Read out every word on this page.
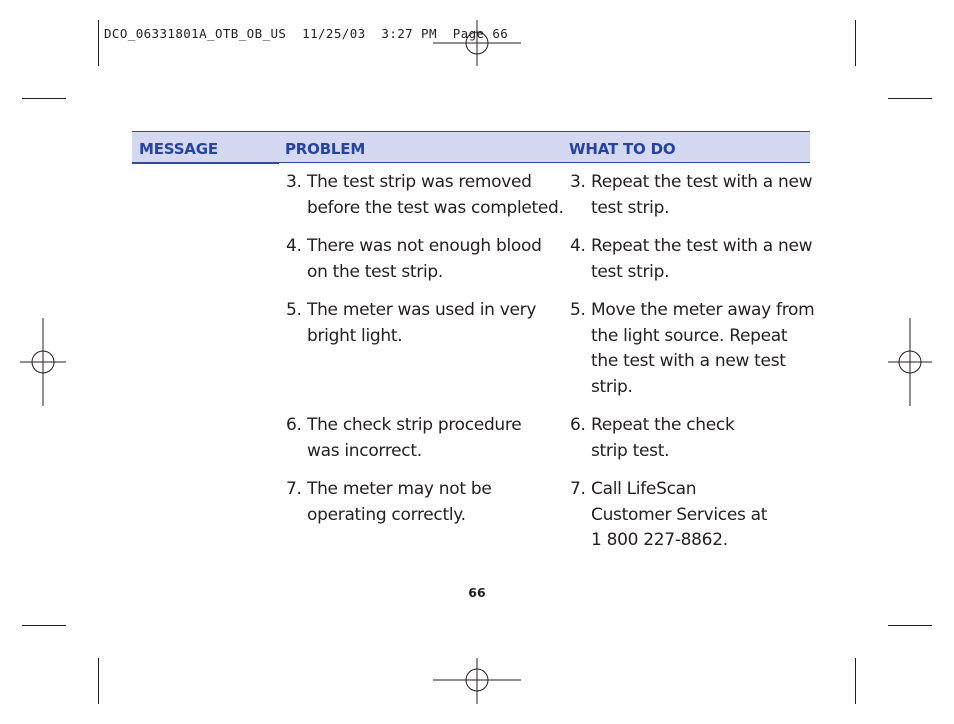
DCO_06331801A_OTB_OB_US  11/25/03  3:27 PM  Page 66
MESSAGE	PROBLEM	WHAT TO DO
3. The test strip was removed before the test was completed.
3. Repeat the test with a new test strip.
4. There was not enough blood on the test strip.
4. Repeat the test with a new test strip.
5. The meter was used in very bright light.
5. Move the meter away from the light source. Repeat the test with a new test strip.
6. The check strip procedure was incorrect.
6. Repeat the check strip test.
7. The meter may not be operating correctly.
7. Call LifeScan Customer Services at 1 800 227-8862.
66
